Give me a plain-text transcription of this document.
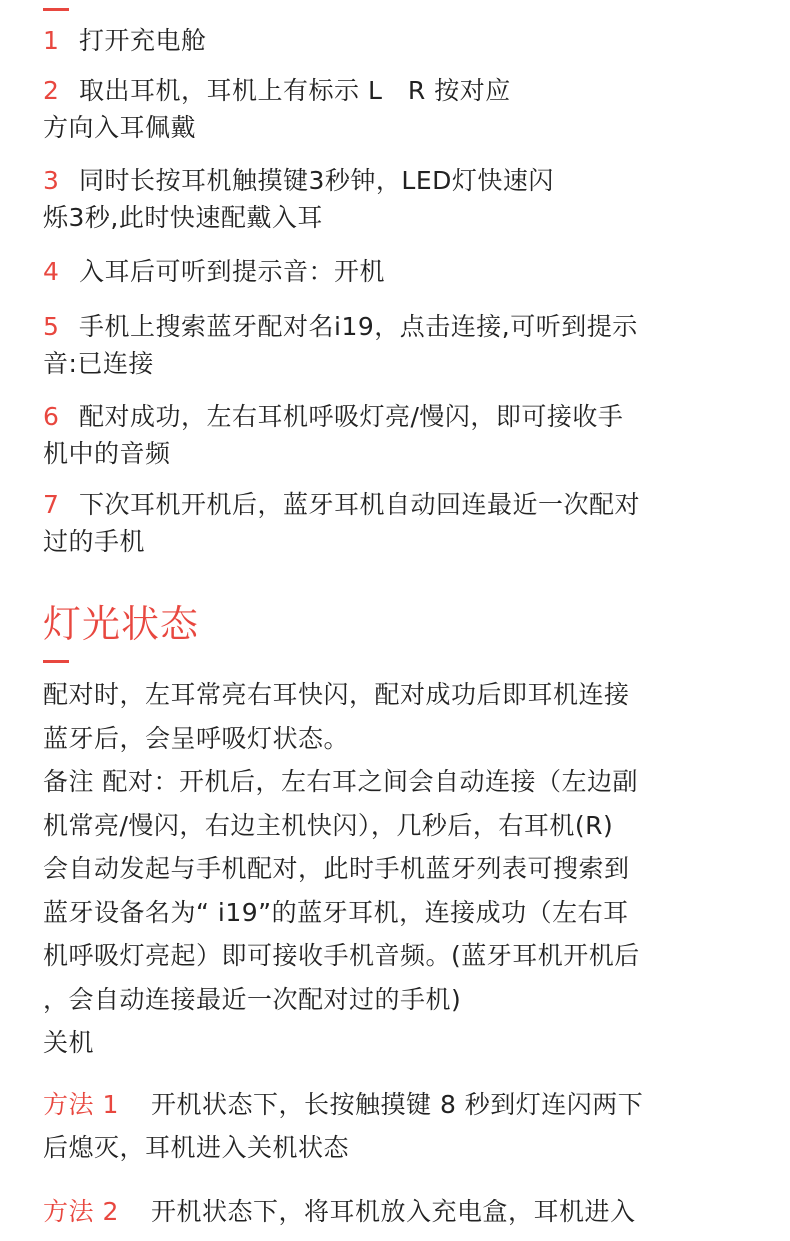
1 打开充电舱
2 取出耳机，耳机上有标示 L　R 按对应
方向入耳佩戴
3 同时长按耳机触摸键3秒钟，LED灯快速闪
烁3秒,此时快速配戴入耳
4 入耳后可听到提示音：开机
5 手机上搜索蓝牙配对名i19，点击连接,可听到提示
音:已连接
6 配对成功，左右耳机呼吸灯亮/慢闪，即可接收手
机中的音频
7 下次耳机开机后，蓝牙耳机自动回连最近一次配对
过的手机
灯光状态
配对时，左耳常亮右耳快闪，配对成功后即耳机连接
蓝牙后，会呈呼吸灯状态。
备注 配对：开机后，左右耳之间会自动连接（左边副
机常亮/慢闪，右边主机快闪），几秒后，右耳机(R)
会自动发起与手机配对，此时手机蓝牙列表可搜索到
蓝牙设备名为“ i19”的蓝牙耳机，连接成功（左右耳
机呼吸灯亮起）即可接收手机音频。(蓝牙耳机开机后
，会自动连接最近一次配对过的手机)
关机
方法 1 开机状态下，长按触摸键 8 秒到灯连闪两下
后熄灭，耳机进入关机状态
方法 2 开机状态下，将耳机放入充电盒，耳机进入
